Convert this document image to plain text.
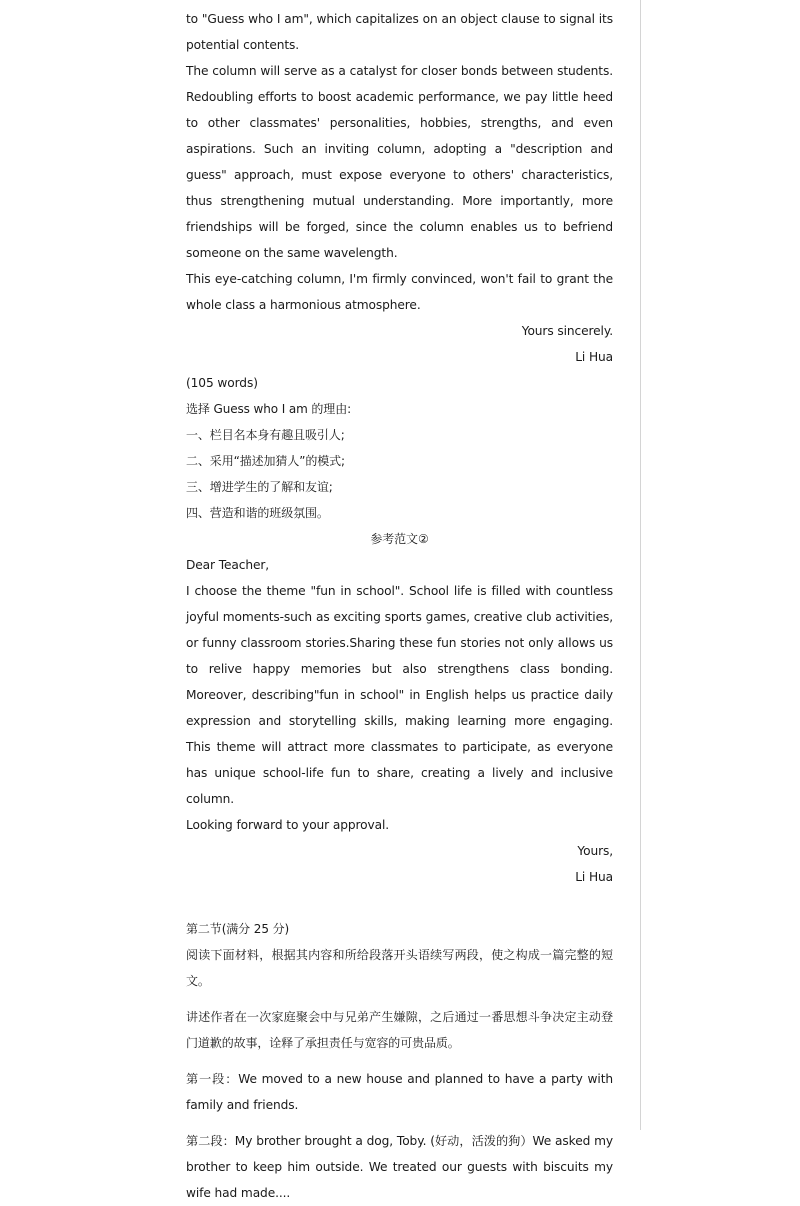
to "Guess who I am", which capitalizes on an object clause to signal its potential contents.

The column will serve as a catalyst for closer bonds between students. Redoubling efforts to boost academic performance, we pay little heed to other classmates' personalities, hobbies, strengths, and even aspirations. Such an inviting column, adopting a "description and guess" approach, must expose everyone to others' characteristics, thus strengthening mutual understanding. More importantly, more friendships will be forged, since the column enables us to befriend someone on the same wavelength.

This eye-catching column, I'm firmly convinced, won't fail to grant the whole class a harmonious atmosphere.

Yours sincerely.

Li Hua

(105 words)

选择 Guess who I am 的理由:

一、栏目名本身有趣且吸引人;

二、采用“描述加猜人”的模式;

三、增进学生的了解和友谊;

四、营造和谐的班级氛围。

参考范文②

Dear Teacher,

I choose the theme "fun in school". School life is filled with countless joyful moments-such as exciting sports games, creative club activities, or funny classroom stories.Sharing these fun stories not only allows us to relive happy memories but also strengthens class bonding. Moreover, describing"fun in school" in English helps us practice daily expression and storytelling skills, making learning more engaging. This theme will attract more classmates to participate, as everyone has unique school-life fun to share, creating a lively and inclusive column.

Looking forward to your approval.

Yours,

Li Hua

第二节(满分 25 分)

阅读下面材料，根据其内容和所给段落开头语续写两段，使之构成一篇完整的短文。

讲述作者在一次家庭聚会中与兄弟产生嫌隙，之后通过一番思想斗争决定主动登门道歉的故事，诠释了承担责任与宽容的可贵品质。

第一段：We moved to a new house and planned to have a party with family and friends.

第二段：My brother brought a dog, Toby. (好动，活泼的狗）We asked my brother to keep him outside. We treated our guests with biscuits my wife had made....
